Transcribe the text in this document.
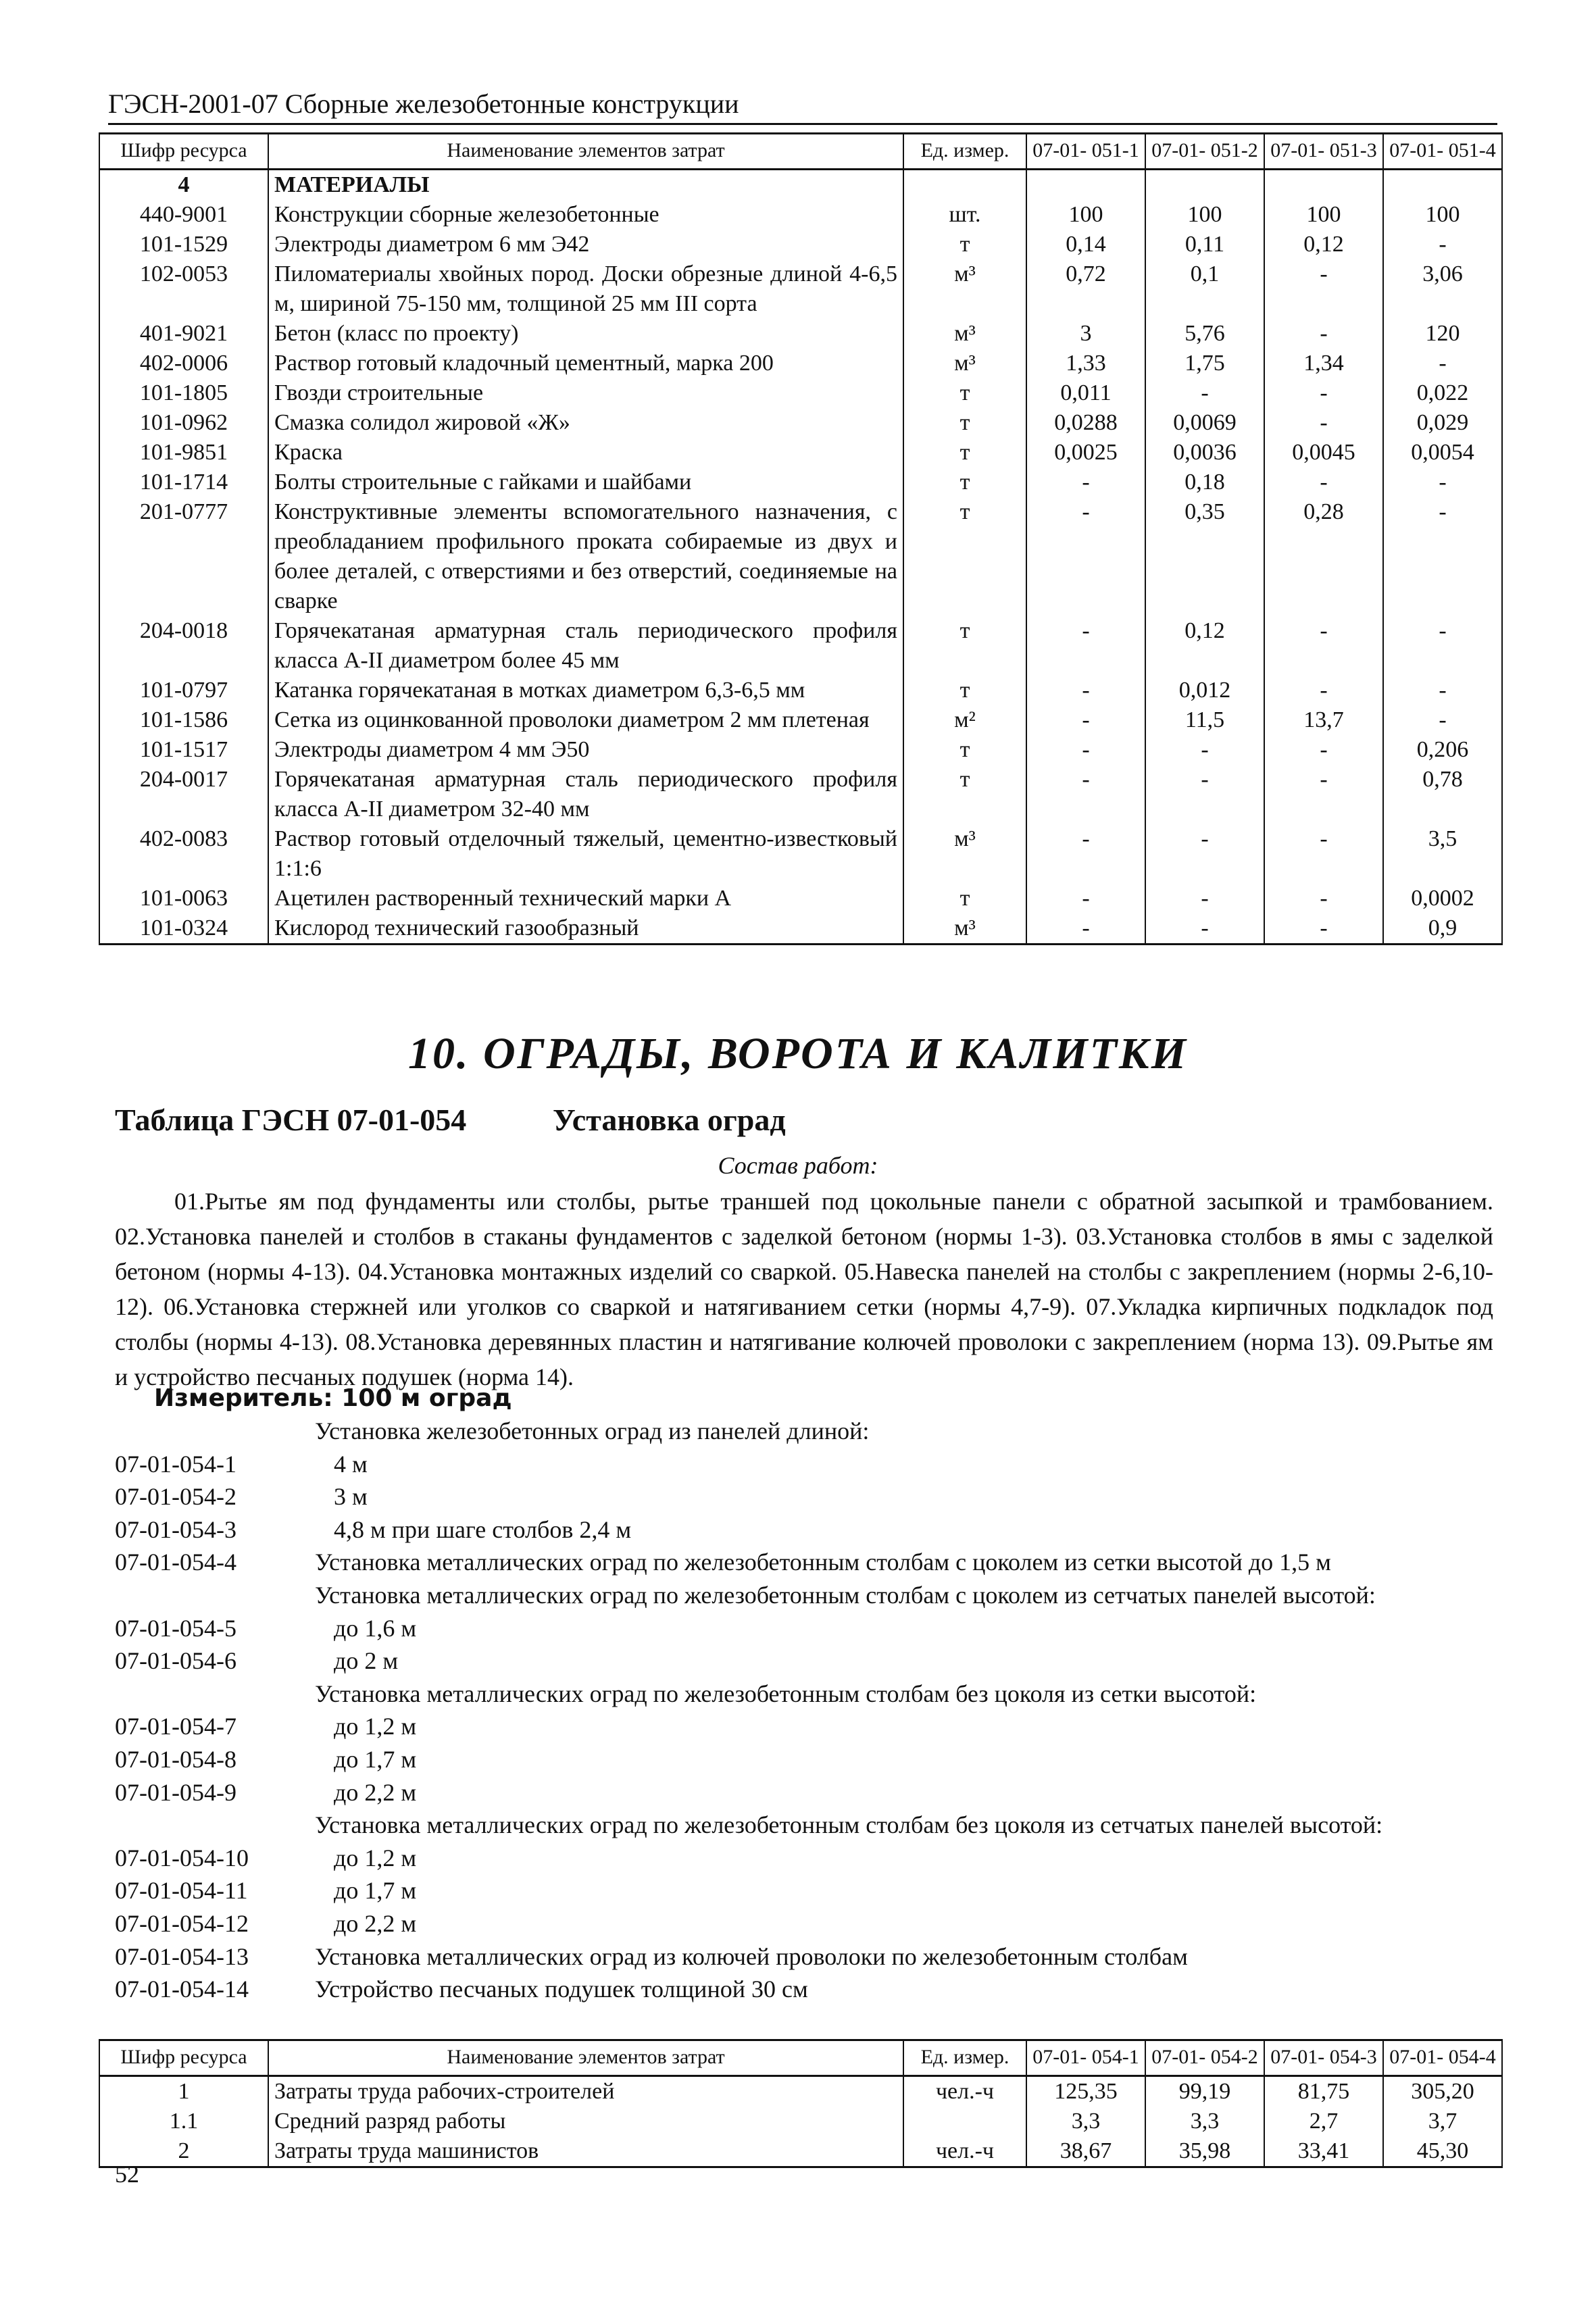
ГЭСН-2001-07 Сборные железобетонные конструкции
Шифр ресурса	Наименование элементов затрат	Ед. измер.	07-01- 051-1	07-01- 051-2	07-01- 051-3	07-01- 051-4
4	МАТЕРИАЛЫ					
440-9001	Конструкции сборные железобетонные	шт.	100	100	100	100
101-1529	Электроды диаметром 6 мм Э42	т	0,14	0,11	0,12	-
102-0053	Пиломатериалы хвойных пород. Доски обрезные длиной 4-6,5 м, шириной 75-150 мм, толщиной 25 мм III сорта	м³	0,72	0,1	-	3,06
401-9021	Бетон (класс по проекту)	м³	3	5,76	-	120
402-0006	Раствор готовый кладочный цементный, марка 200	м³	1,33	1,75	1,34	-
101-1805	Гвозди строительные	т	0,011	-	-	0,022
101-0962	Смазка солидол жировой «Ж»	т	0,0288	0,0069	-	0,029
101-9851	Краска	т	0,0025	0,0036	0,0045	0,0054
101-1714	Болты строительные с гайками и шайбами	т	-	0,18	-	-
201-0777	Конструктивные элементы вспомогательного назначения, с преобладанием профильного проката собираемые из двух и более деталей, с отверстиями и без отверстий, соединяемые на сварке	т	-	0,35	0,28	-
204-0018	Горячекатаная арматурная сталь периодического профиля класса А-II диаметром более 45 мм	т	-	0,12	-	-
101-0797	Катанка горячекатаная в мотках диаметром 6,3-6,5 мм	т	-	0,012	-	-
101-1586	Сетка из оцинкованной проволоки диаметром 2 мм плетеная	м²	-	11,5	13,7	-
101-1517	Электроды диаметром 4 мм Э50	т	-	-	-	0,206
204-0017	Горячекатаная арматурная сталь периодического профиля класса А-II диаметром 32-40 мм	т	-	-	-	0,78
402-0083	Раствор готовый отделочный тяжелый, цементно-известковый 1:1:6	м³	-	-	-	3,5
101-0063	Ацетилен растворенный технический марки А	т	-	-	-	0,0002
101-0324	Кислород технический газообразный	м³	-	-	-	0,9
10. ОГРАДЫ, ВОРОТА И КАЛИТКИ
Таблица ГЭСН 07-01-054	Установка оград
Состав работ:
01.Рытье ям под фундаменты или столбы, рытье траншей под цокольные панели с обратной засыпкой и трамбованием. 02.Установка панелей и столбов в стаканы фундаментов с заделкой бетоном (нормы 1-3). 03.Установка столбов в ямы с заделкой бетоном (нормы 4-13). 04.Установка монтажных изделий со сваркой. 05.Навеска панелей на столбы с закреплением (нормы 2-6,10-12). 06.Установка стержней или уголков со сваркой и натягиванием сетки (нормы 4,7-9). 07.Укладка кирпичных подкладок под столбы (нормы 4-13). 08.Установка деревянных пластин и натягивание колючей проволоки с закреплением (норма 13). 09.Рытье ям и устройство песчаных подушек (норма 14).
Измеритель: 100 м оград
Установка железобетонных оград из панелей длиной:
07-01-054-1	4 м
07-01-054-2	3 м
07-01-054-3	4,8 м при шаге столбов 2,4 м
07-01-054-4	Установка металлических оград по железобетонным столбам с цоколем из сетки высотой до 1,5 м
Установка металлических оград по железобетонным столбам с цоколем из сетчатых панелей высотой:
07-01-054-5	до 1,6 м
07-01-054-6	до 2 м
Установка металлических оград по железобетонным столбам без цоколя из сетки высотой:
07-01-054-7	до 1,2 м
07-01-054-8	до 1,7 м
07-01-054-9	до 2,2 м
Установка металлических оград по железобетонным столбам без цоколя из сетчатых панелей высотой:
07-01-054-10	до 1,2 м
07-01-054-11	до 1,7 м
07-01-054-12	до 2,2 м
07-01-054-13	Установка металлических оград из колючей проволоки по железобетонным столбам
07-01-054-14	Устройство песчаных подушек толщиной 30 см
Шифр ресурса	Наименование элементов затрат	Ед. измер.	07-01- 054-1	07-01- 054-2	07-01- 054-3	07-01- 054-4
1	Затраты труда рабочих-строителей	чел.-ч	125,35	99,19	81,75	305,20
1.1	Средний разряд работы		3,3	3,3	2,7	3,7
2	Затраты труда машинистов	чел.-ч	38,67	35,98	33,41	45,30
52
